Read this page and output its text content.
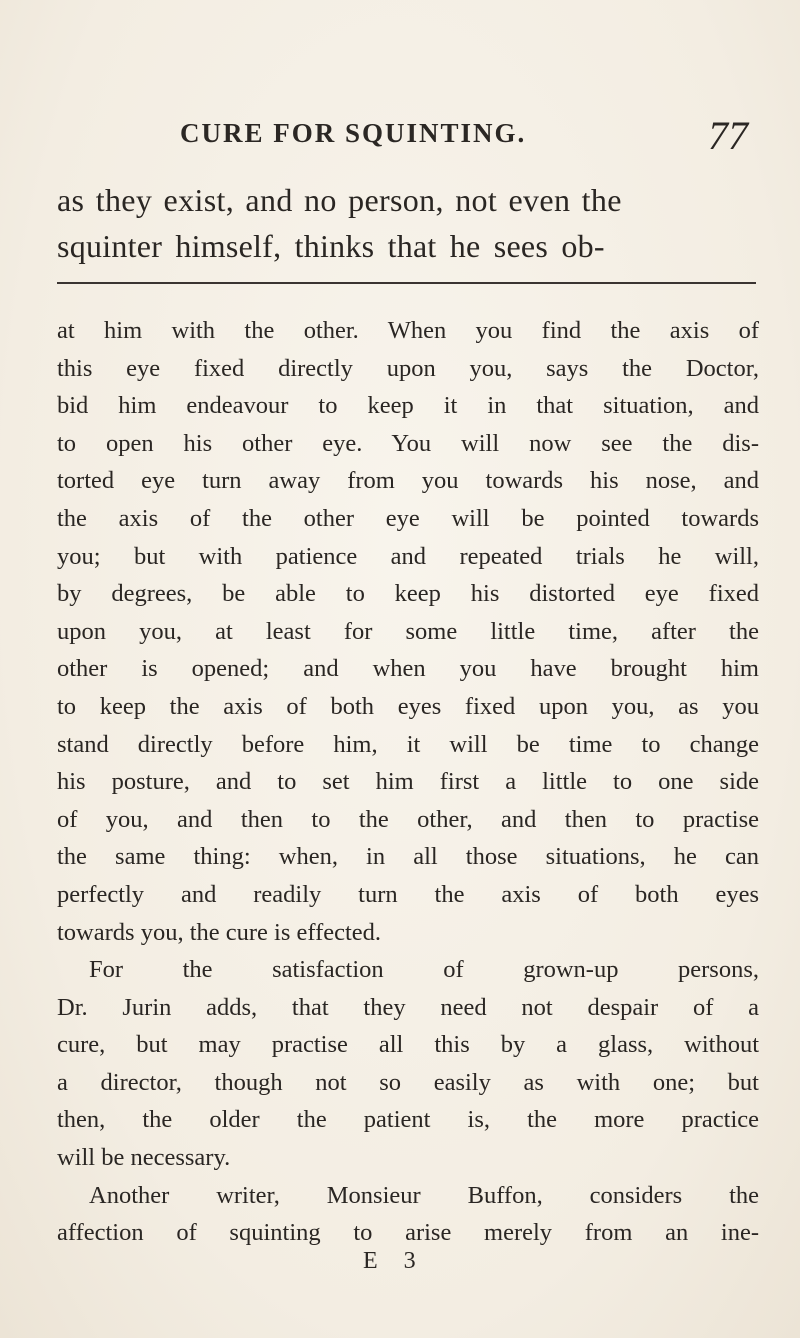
CURE FOR SQUINTING.	77
as they exist, and no person, not even the
squinter himself, thinks that he sees ob-
at him with the other. When you find the axis of
this eye fixed directly upon you, says the Doctor,
bid him endeavour to keep it in that situation, and
to open his other eye. You will now see the dis-
torted eye turn away from you towards his nose, and
the axis of the other eye will be pointed towards
you; but with patience and repeated trials he will,
by degrees, be able to keep his distorted eye fixed
upon you, at least for some little time, after the
other is opened; and when you have brought him
to keep the axis of both eyes fixed upon you, as you
stand directly before him, it will be time to change
his posture, and to set him first a little to one side
of you, and then to the other, and then to practise
the same thing: when, in all those situations, he can
perfectly and readily turn the axis of both eyes
towards you, the cure is effected.
For the satisfaction of grown-up persons,
Dr. Jurin adds, that they need not despair of a
cure, but may practise all this by a glass, without
a director, though not so easily as with one; but
then, the older the patient is, the more practice
will be necessary.
Another writer, Monsieur Buffon, considers the
affection of squinting to arise merely from an ine-
E 3
